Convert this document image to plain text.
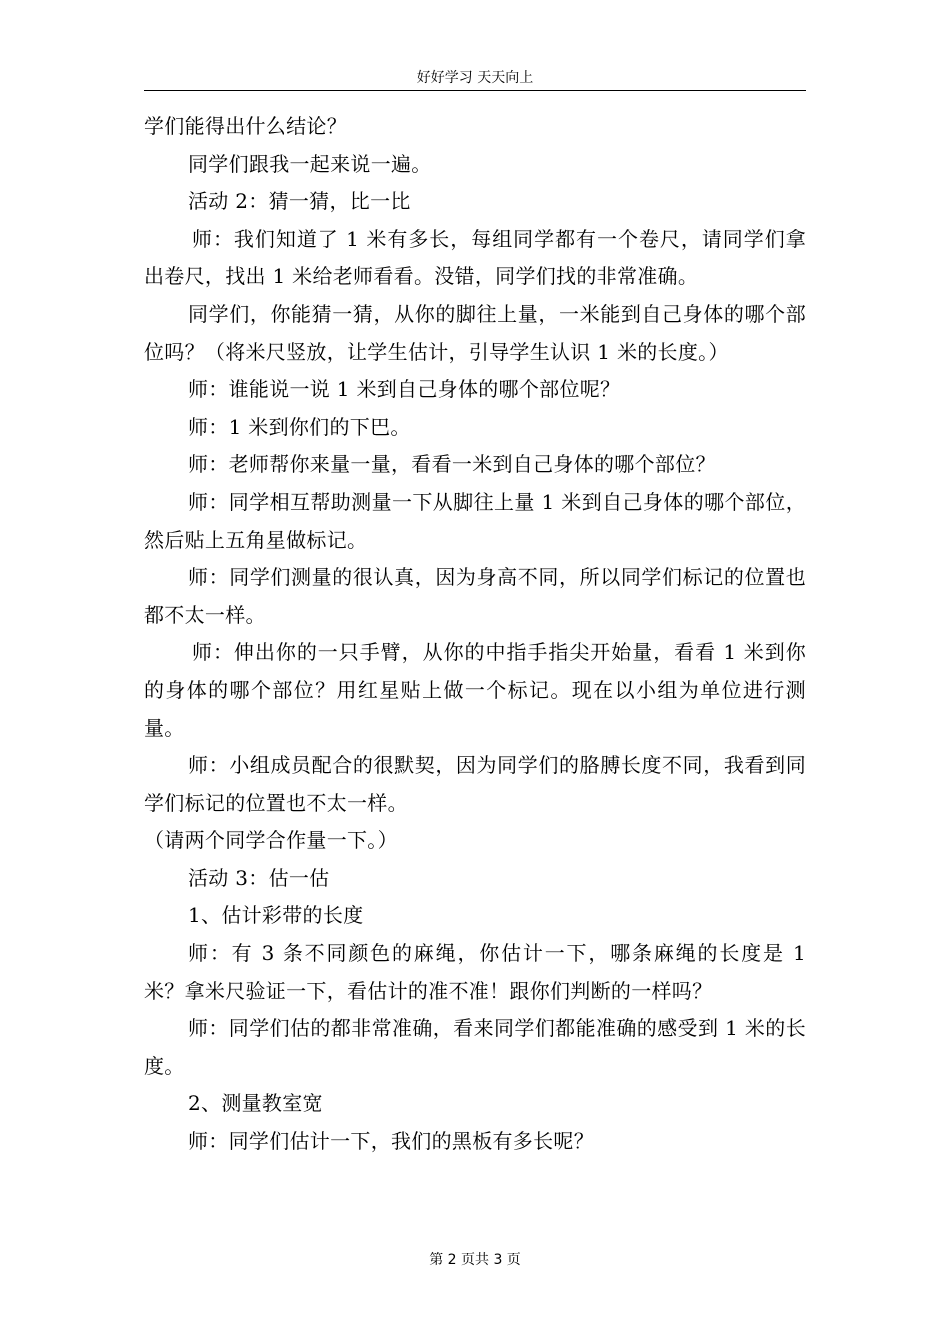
好好学习 天天向上

学们能得出什么结论？

同学们跟我一起来说一遍。

活动 2：猜一猜，比一比

师：我们知道了 1 米有多长，每组同学都有一个卷尺，请同学们拿出卷尺，找出 1 米给老师看看。没错，同学们找的非常准确。

同学们，你能猜一猜，从你的脚往上量，一米能到自己身体的哪个部位吗？（将米尺竖放，让学生估计，引导学生认识 1 米的长度。）

师：谁能说一说 1 米到自己身体的哪个部位呢？

师：1 米到你们的下巴。

师：老师帮你来量一量，看看一米到自己身体的哪个部位？

师：同学相互帮助测量一下从脚往上量 1 米到自己身体的哪个部位，然后贴上五角星做标记。

师：同学们测量的很认真，因为身高不同，所以同学们标记的位置也都不太一样。

师：伸出你的一只手臂，从你的中指手指尖开始量，看看 1 米到你的身体的哪个部位？用红星贴上做一个标记。现在以小组为单位进行测量。

师：小组成员配合的很默契，因为同学们的胳膊长度不同，我看到同学们标记的位置也不太一样。

（请两个同学合作量一下。）

活动 3：估一估

1、估计彩带的长度

师：有 3 条不同颜色的麻绳，你估计一下，哪条麻绳的长度是 1 米？拿米尺验证一下，看估计的准不准！跟你们判断的一样吗？

师：同学们估的都非常准确，看来同学们都能准确的感受到 1 米的长度。

2、测量教室宽

师：同学们估计一下，我们的黑板有多长呢？

第 2 页共 3 页
